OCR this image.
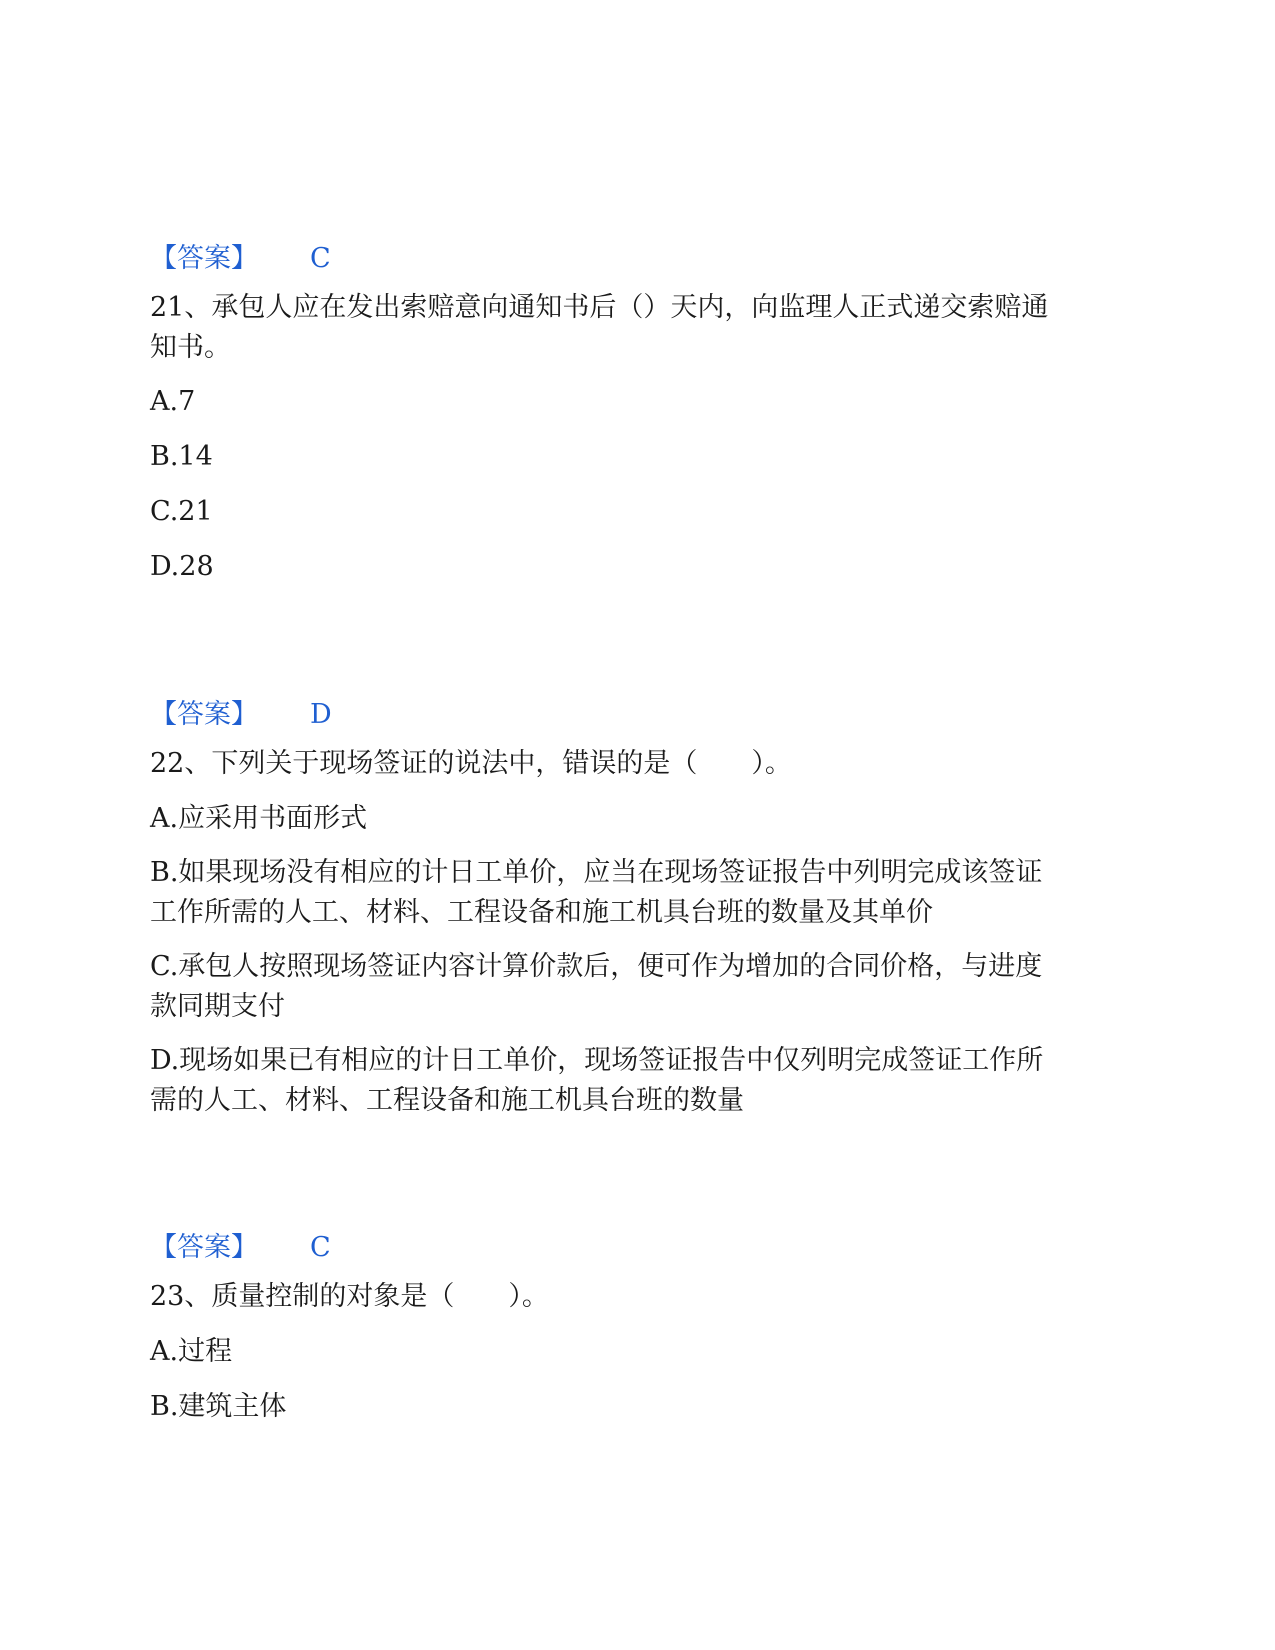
【答案】 C
21、承包人应在发出索赔意向通知书后（）天内，向监理人正式递交索赔通
知书。
A.7
B.14
C.21
D.28
【答案】 D
22、下列关于现场签证的说法中，错误的是（　　）。
A.应采用书面形式
B.如果现场没有相应的计日工单价，应当在现场签证报告中列明完成该签证
工作所需的人工、材料、工程设备和施工机具台班的数量及其单价
C.承包人按照现场签证内容计算价款后，便可作为增加的合同价格，与进度
款同期支付
D.现场如果已有相应的计日工单价，现场签证报告中仅列明完成签证工作所
需的人工、材料、工程设备和施工机具台班的数量
【答案】 C
23、质量控制的对象是（　　）。
A.过程
B.建筑主体
